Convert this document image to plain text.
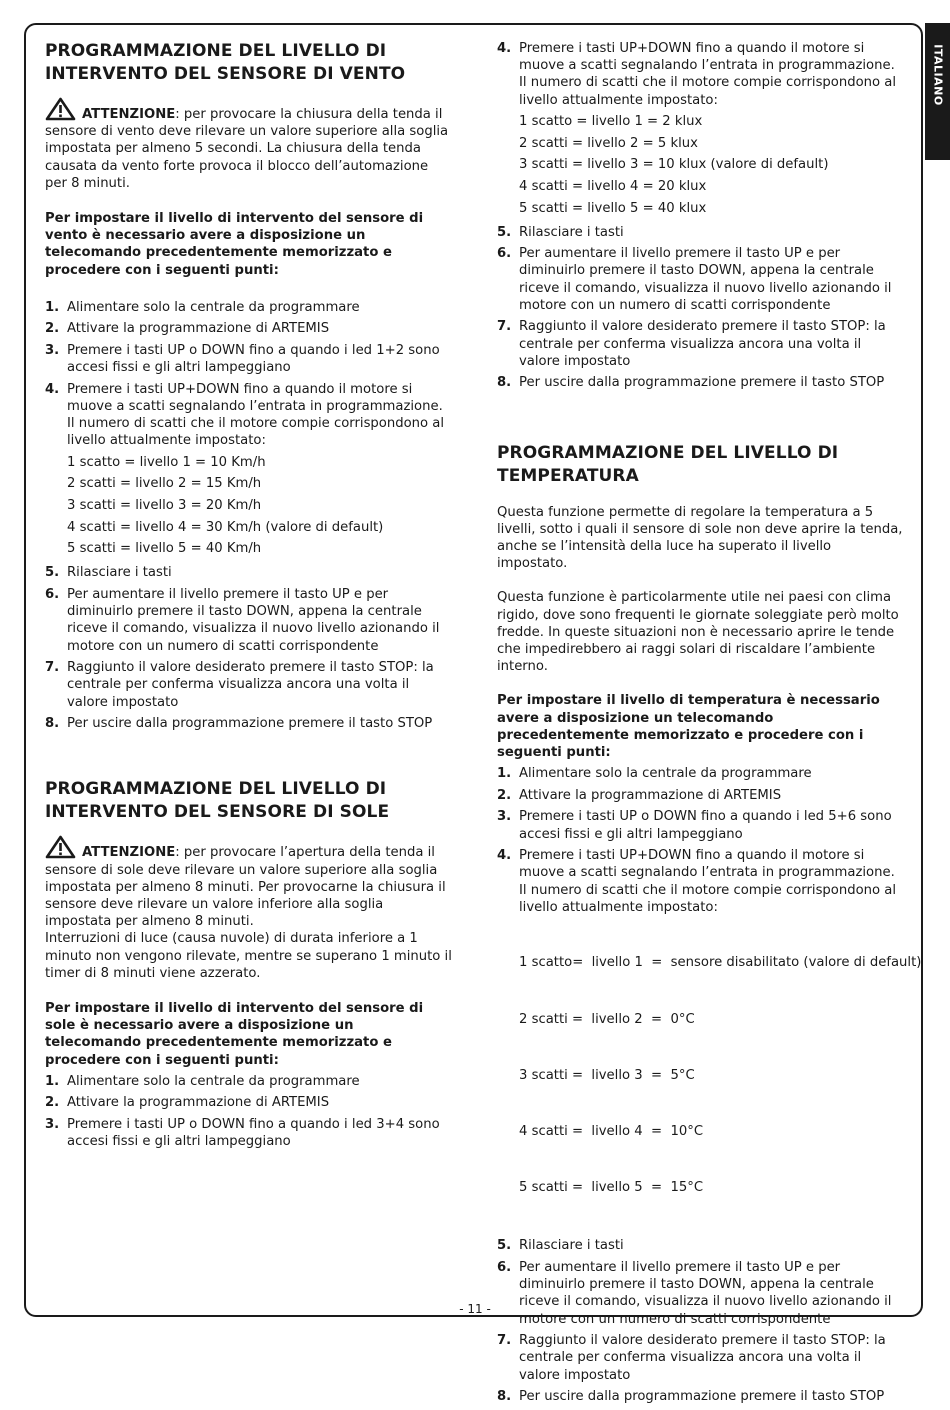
ITALIANO
PROGRAMMAZIONE DEL LIVELLO DI
INTERVENTO DEL SENSORE DI VENTO

ATTENZIONE: per provocare la chiusura della tenda il sensore di vento deve rilevare un valore superiore alla soglia impostata per almeno 5 secondi. La chiusura della tenda causata da vento forte provoca il blocco dell’automazione per 8 minuti.

Per impostare il livello di intervento del sensore di vento è necessario avere a disposizione un telecomando precedentemente memorizzato e procedere con i seguenti punti:

1. Alimentare solo la centrale da programmare
2. Attivare la programmazione di ARTEMIS
3. Premere i tasti UP o DOWN fino a quando i led 1+2 sono accesi fissi e gli altri lampeggiano
4. Premere i tasti UP+DOWN fino a quando il motore si muove a scatti segnalando l’entrata in programmazione.
Il numero di scatti che il motore compie corrispondono al livello attualmente impostato:
1 scatto = livello 1 = 10 Km/h
2 scatti = livello 2 = 15 Km/h
3 scatti = livello 3 = 20 Km/h
4 scatti = livello 4 = 30 Km/h (valore di default)
5 scatti = livello 5 = 40 Km/h
5. Rilasciare i tasti
6. Per aumentare il livello premere il tasto UP e per diminuirlo premere il tasto DOWN, appena la centrale riceve il comando, visualizza il nuovo livello azionando il motore con un numero di scatti corrispondente
7. Raggiunto il valore desiderato premere il tasto STOP: la centrale per conferma visualizza ancora una volta il valore impostato
8. Per uscire dalla programmazione premere il tasto STOP
PROGRAMMAZIONE DEL LIVELLO DI
INTERVENTO DEL SENSORE DI SOLE

ATTENZIONE: per provocare l’apertura della tenda il sensore di sole deve rilevare un valore superiore alla soglia impostata per almeno 8 minuti. Per provocarne la chiusura il sensore deve rilevare un valore inferiore alla soglia impostata per almeno 8 minuti.

Interruzioni di luce (causa nuvole) di durata inferiore a 1 minuto non vengono rilevate, mentre se superano 1 minuto il timer di 8 minuti viene azzerato.

Per impostare il livello di intervento del sensore di sole è necessario avere a disposizione un telecomando precedentemente memorizzato e procedere con i seguenti punti:

1. Alimentare solo la centrale da programmare
2. Attivare la programmazione di ARTEMIS
3. Premere i tasti UP o DOWN fino a quando i led 3+4 sono accesi fissi e gli altri lampeggiano
4. Premere i tasti UP+DOWN fino a quando il motore si muove a scatti segnalando l’entrata in programmazione.
Il numero di scatti che il motore compie corrispondono al livello attualmente impostato:
1 scatto = livello 1 = 2 klux
2 scatti = livello 2 = 5 klux
3 scatti = livello 3 = 10 klux (valore di default)
4 scatti = livello 4 = 20 klux
5 scatti = livello 5 = 40 klux
5. Rilasciare i tasti
6. Per aumentare il livello premere il tasto UP e per diminuirlo premere il tasto DOWN, appena la centrale riceve il comando, visualizza il nuovo livello azionando il motore con un numero di scatti corrispondente
7. Raggiunto il valore desiderato premere il tasto STOP: la centrale per conferma visualizza ancora una volta il valore impostato
8. Per uscire dalla programmazione premere il tasto STOP
PROGRAMMAZIONE DEL LIVELLO DI
TEMPERATURA

Questa funzione permette di regolare la temperatura a 5 livelli, sotto i quali il sensore di sole non deve aprire la tenda, anche se l’intensità della luce ha superato il livello impostato.

Questa funzione è particolarmente utile nei paesi con clima rigido, dove sono frequenti le giornate soleggiate però molto fredde. In queste situazioni non è necessario aprire le tende che impedirebbero ai raggi solari di riscaldare l’ambiente interno.

Per impostare il livello di temperatura è necessario avere a disposizione un telecomando precedentemente memorizzato e procedere con i seguenti punti:

1. Alimentare solo la centrale da programmare
2. Attivare la programmazione di ARTEMIS
3. Premere i tasti UP o DOWN fino a quando i led 5+6 sono accesi fissi e gli altri lampeggiano
4. Premere i tasti UP+DOWN fino a quando il motore si muove a scatti segnalando l’entrata in programmazione.
Il numero di scatti che il motore compie corrispondono al livello attualmente impostato:

1 scatto=  livello 1  =  sensore disabilitato (valore di default)

2 scatti =  livello 2  =  0°C

3 scatti =  livello 3  =  5°C

4 scatti =  livello 4  =  10°C

5 scatti =  livello 5  =  15°C

5. Rilasciare i tasti
6. Per aumentare il livello premere il tasto UP e per diminuirlo premere il tasto DOWN, appena la centrale riceve il comando, visualizza il nuovo livello azionando il motore con un numero di scatti corrispondente
7. Raggiunto il valore desiderato premere il tasto STOP: la centrale per conferma visualizza ancora una volta il valore impostato
8. Per uscire dalla programmazione premere il tasto STOP
- 11 -
